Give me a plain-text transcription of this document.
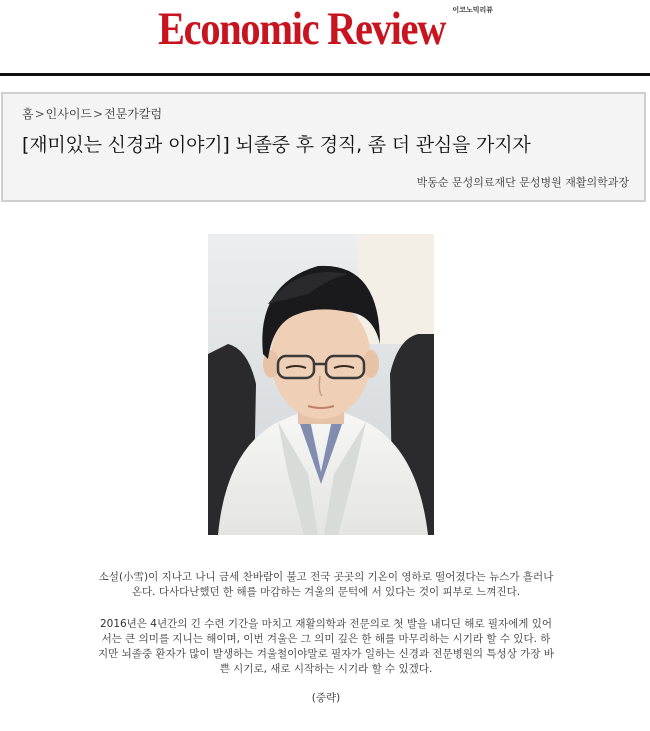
Economic Review 이코노믹리뷰
홈>인사이드>전문가칼럼
[재미있는 신경과 이야기] 뇌졸중 후 경직, 좀 더 관심을 가지자
박동순 문성의료재단 문성병원 재활의학과장

소설(小雪)이 지나고 나니 금세 찬바람이 불고 전국 곳곳의 기온이 영하로 떨어졌다는 뉴스가 흘러나온다. 다사다난했던 한 해를 마감하는 겨울의 문턱에 서 있다는 것이 피부로 느껴진다.

2016년은 4년간의 긴 수련 기간을 마치고 재활의학과 전문의로 첫 발을 내디딘 해로 필자에게 있어서는 큰 의미를 지니는 해이며, 이번 겨울은 그 의미 깊은 한 해를 마무리하는 시기라 할 수 있다. 하지만 뇌졸중 환자가 많이 발생하는 겨울철이야말로 필자가 일하는 신경과 전문병원의 특성상 가장 바쁜 시기로, 새로 시작하는 시기라 할 수 있겠다.

(중략)
